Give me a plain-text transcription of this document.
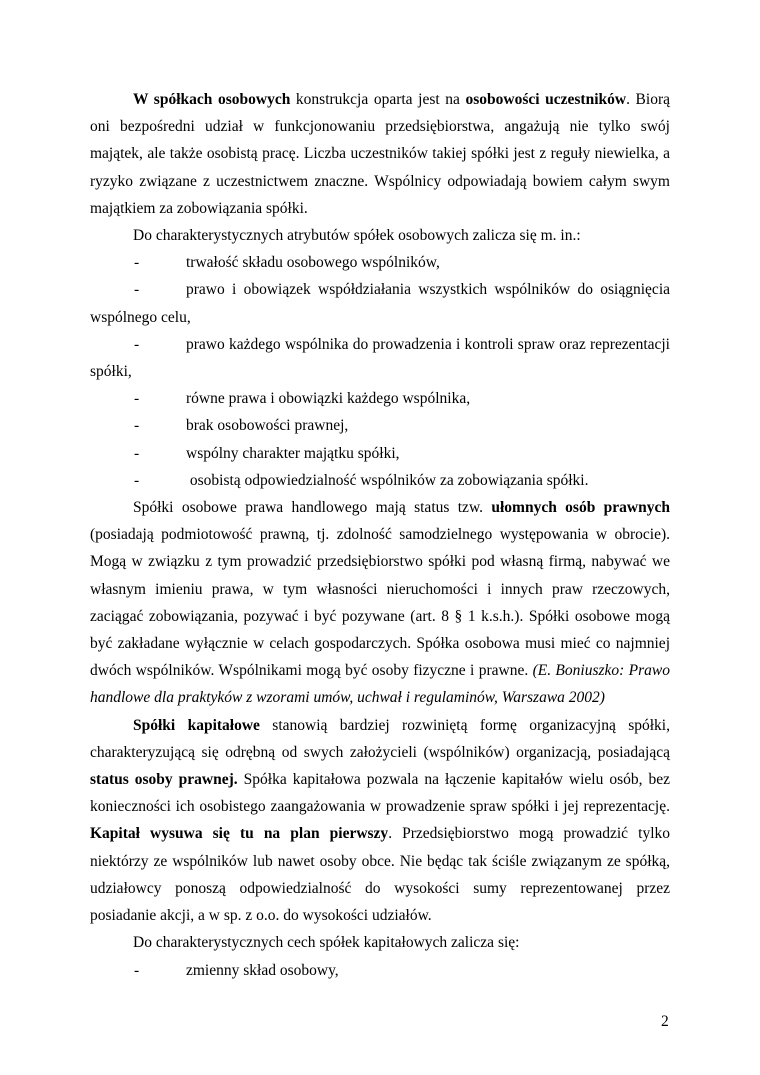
W spółkach osobowych konstrukcja oparta jest na osobowości uczestników. Biorą oni bezpośredni udział w funkcjonowaniu przedsiębiorstwa, angażują nie tylko swój majątek, ale także osobistą pracę. Liczba uczestników takiej spółki jest z reguły niewielka, a ryzyko związane z uczestnictwem znaczne. Wspólnicy odpowiadają bowiem całym swym majątkiem za zobowiązania spółki.

Do charakterystycznych atrybutów spółek osobowych zalicza się m. in.:

-	trwałość składu osobowego wspólników,

-	prawo i obowiązek współdziałania wszystkich wspólników do osiągnięcia wspólnego celu,

-	prawo każdego wspólnika do prowadzenia i kontroli spraw oraz reprezentacji spółki,

-	równe prawa i obowiązki każdego wspólnika,

-	brak osobowości prawnej,

-	wspólny charakter majątku spółki,

-	osobistą odpowiedzialność wspólników za zobowiązania spółki.

Spółki osobowe prawa handlowego mają status tzw. ułomnych osób prawnych (posiadają podmiotowość prawną, tj. zdolność samodzielnego występowania w obrocie). Mogą w związku z tym prowadzić przedsiębiorstwo spółki pod własną firmą, nabywać we własnym imieniu prawa, w tym własności nieruchomości i innych praw rzeczowych, zaciągać zobowiązania, pozywać i być pozywane (art. 8 § 1 k.s.h.). Spółki osobowe mogą być zakładane wyłącznie w celach gospodarczych. Spółka osobowa musi mieć co najmniej dwóch wspólników. Wspólnikami mogą być osoby fizyczne i prawne. (E. Boniuszko: Prawo handlowe dla praktyków z wzorami umów, uchwał i regulaminów, Warszawa 2002)

Spółki kapitałowe stanowią bardziej rozwiniętą formę organizacyjną spółki, charakteryzującą się odrębną od swych założycieli (wspólników) organizacją, posiadającą status osoby prawnej. Spółka kapitałowa pozwala na łączenie kapitałów wielu osób, bez konieczności ich osobistego zaangażowania w prowadzenie spraw spółki i jej reprezentację. Kapitał wysuwa się tu na plan pierwszy. Przedsiębiorstwo mogą prowadzić tylko niektórzy ze wspólników lub nawet osoby obce. Nie będąc tak ściśle związanym ze spółką, udziałowcy ponoszą odpowiedzialność do wysokości sumy reprezentowanej przez posiadanie akcji, a w sp. z o.o. do wysokości udziałów.

Do charakterystycznych cech spółek kapitałowych zalicza się:

-	zmienny skład osobowy,

2
